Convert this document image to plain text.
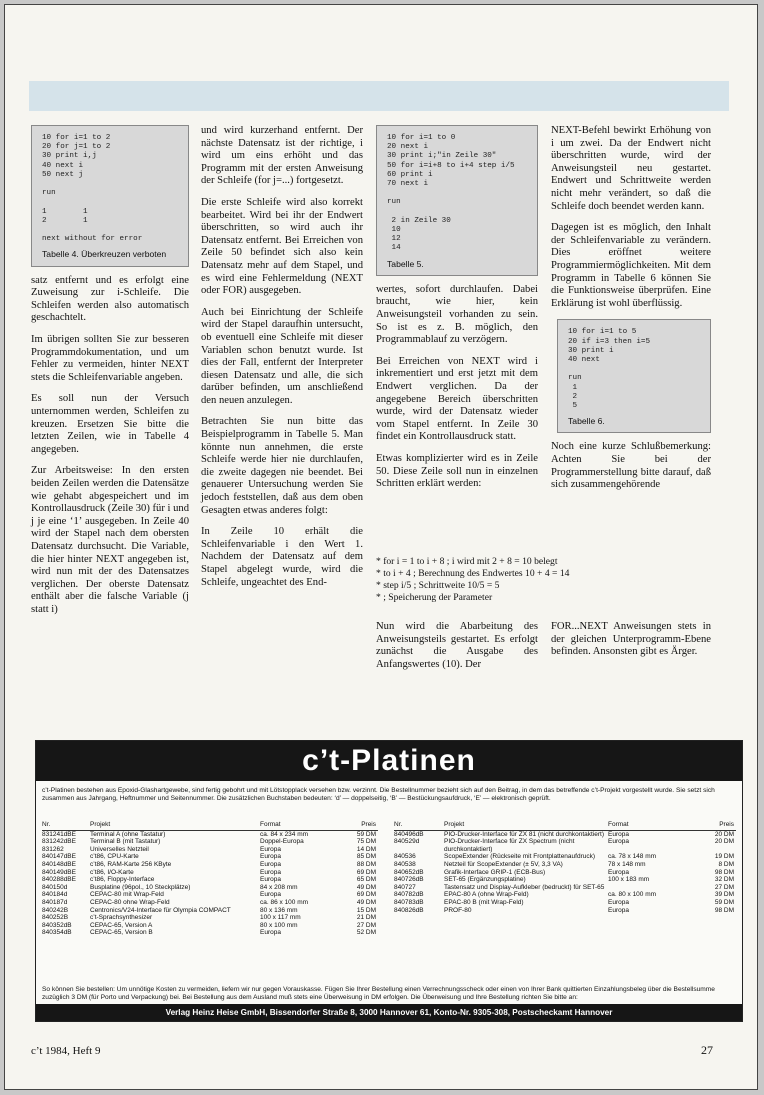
10 for i=1 to 2
20 for j=1 to 2
30 print i,j
40 next i
50 next j

run

1        1
2        1

next without for error
Tabelle 4. Überkreuzen verboten

satz entfernt und es erfolgt eine Zuweisung zur i-Schleife. Die Schleifen werden also automatisch geschachtelt.

Im übrigen sollten Sie zur besseren Programmdokumentation, und um Fehler zu vermeiden, hinter NEXT stets die Schleifenvariable angeben.

Es soll nun der Versuch unternommen werden, Schleifen zu kreuzen. Ersetzen Sie bitte die letzten Zeilen, wie in Tabelle 4 angegeben.

Zur Arbeitsweise: In den ersten beiden Zeilen werden die Datensätze wie gehabt abgespeichert und im Kontrollausdruck (Zeile 30) für i und j je eine ‘1’ ausgegeben. In Zeile 40 wird der Stapel nach dem obersten Datensatz durchsucht. Die Variable, die hier hinter NEXT angegeben ist, wird nun mit der des Datensatzes verglichen. Der oberste Datensatz enthält aber die falsche Variable (j statt i)

und wird kurzerhand entfernt. Der nächste Datensatz ist der richtige, i wird um eins erhöht und das Programm mit der ersten Anweisung der Schleife (for j=...) fortgesetzt.

Die erste Schleife wird also korrekt bearbeitet. Wird bei ihr der Endwert überschritten, so wird auch ihr Datensatz entfernt. Bei Erreichen von Zeile 50 befindet sich also kein Datensatz mehr auf dem Stapel, und es wird eine Fehlermeldung (NEXT oder FOR) ausgegeben.

Auch bei Einrichtung der Schleife wird der Stapel daraufhin untersucht, ob eventuell eine Schleife mit dieser Variablen schon benutzt wurde. Ist dies der Fall, entfernt der Interpreter diesen Datensatz und alle, die sich darüber befinden, um anschließend den neuen anzulegen.

Betrachten Sie nun bitte das Beispielprogramm in Tabelle 5. Man könnte nun annehmen, die erste Schleife werde hier nie durchlaufen, die zweite dagegen nie beendet. Bei genauerer Untersuchung werden Sie jedoch feststellen, daß aus dem oben Gesagten etwas anderes folgt:

In Zeile 10 erhält die Schleifenvariable i den Wert 1. Nachdem der Datensatz auf dem Stapel abgelegt wurde, wird die Schleife, ungeachtet des End-

10 for i=1 to 0
20 next i
30 print i;"in Zeile 30"
50 for i=i+8 to i+4 step i/5
60 print i
70 next i

run

2 in Zeile 30
10
12
14
Tabelle 5.

wertes, sofort durchlaufen. Dabei braucht, wie hier, kein Anweisungsteil vorhanden zu sein. So ist es z. B. möglich, den Programmablauf zu verzögern.

Bei Erreichen von NEXT wird i inkrementiert und erst jetzt mit dem Endwert verglichen. Da der angegebene Bereich überschritten wurde, wird der Datensatz wieder vom Stapel entfernt. In Zeile 30 findet ein Kontrollausdruck statt.

Etwas komplizierter wird es in Zeile 50. Diese Zeile soll nun in einzelnen Schritten erklärt werden:

* for i = 1 to i + 8 ; i wird mit 2 + 8 = 10 belegt
* to i + 4 ; Berechnung des Endwertes 10 + 4 = 14
* step i/5 ; Schrittweite 10/5 = 5
* ; Speicherung der Parameter

Nun wird die Abarbeitung des Anweisungsteils gestartet. Es erfolgt zunächst die Ausgabe des Anfangswertes (10). Der

NEXT-Befehl bewirkt Erhöhung von i um zwei. Da der Endwert nicht überschritten wurde, wird der Anweisungsteil neu gestartet. Endwert und Schrittweite werden nicht mehr verändert, so daß die Schleife doch beendet werden kann.

Dagegen ist es möglich, den Inhalt der Schleifenvariable zu verändern. Dies eröffnet weitere Programmiermöglichkeiten. Mit dem Programm in Tabelle 6 können Sie die Funktionsweise überprüfen. Eine Erklärung ist wohl überflüssig.

10 for i=1 to 5
20 if i=3 then i=5
30 print i
40 next

run
1
2
5
Tabelle 6.

Noch eine kurze Schlußbemerkung: Achten Sie bei der Programmerstellung bitte darauf, daß sich zusammengehörende

FOR...NEXT Anweisungen stets in der gleichen Unterprogramm-Ebene befinden. Ansonsten gibt es Ärger.

c’t-Platinen
c’t-Platinen bestehen aus Epoxid-Glashartgewebe, sind fertig gebohrt und mit Lötstopplack versehen bzw. verzinnt. Die Bestellnummer bezieht sich auf den Beitrag, in dem das betreffende c’t-Projekt vorgestellt wurde. Sie setzt sich zusammen aus Jahrgang, Heftnummer und Seitennummer. Die zusätzlichen Buchstaben bedeuten: ‘d’ — doppelseitig, ‘B’ — Bestückungsaufdruck, ‘E’ — elektronisch geprüft.
Nr.	Projekt	Format	Preis
831241dBE	Terminal A (ohne Tastatur)	ca. 84 x 234 mm	59 DM
831242dBE	Terminal B (mit Tastatur)	Doppel-Europa	75 DM
831262	Universelles Netzteil	Europa	14 DM
840147dBE	c’t86, CPU-Karte	Europa	85 DM
840148dBE	c’t86, RAM-Karte 256 KByte	Europa	88 DM
840149dBE	c’t86, I/O-Karte	Europa	69 DM
840288dBE	c’t86, Floppy-Interface	Europa	65 DM
840150d	Busplatine (96pol., 10 Steckplätze)	84 x 208 mm	49 DM
840184d	CEPAC-80 mit Wrap-Feld	Europa	69 DM
840187d	CEPAC-80 ohne Wrap-Feld	ca. 86 x 100 mm	49 DM
840242B	Centronics/V24-Interface für Olympia COMPACT	80 x 136 mm	15 DM
840252B	c’t-Sprachsynthesizer	100 x 117 mm	21 DM
840352dB	CEPAC-65, Version A	80 x 100 mm	27 DM
840354dB	CEPAC-65, Version B	Europa	52 DM
Nr.	Projekt	Format	Preis
840496dB	PIO-Drucker-Interface für ZX 81 (nicht durchkontaktiert)	Europa	20 DM
840529d	PIO-Drucker-Interface für ZX Spectrum (nicht durchkontaktiert)	Europa	20 DM
840536	ScopeExtender (Rückseite mit Frontplattenaufdruck)	ca. 78 x 148 mm	19 DM
840538	Netzteil für ScopeExtender (± 5V, 3,3 VA)	78 x 148 mm	8 DM
840652dB	Grafik-Interface GRIP-1 (ECB-Bus)	Europa	98 DM
840726dB	SET-65 (Ergänzungsplatine)	100 x 183 mm	32 DM
840727	Tastensatz und Display-Aufkleber (bedruckt) für SET-65		27 DM
840782dB	EPAC-80 A (ohne Wrap-Feld)	ca. 80 x 100 mm	39 DM
840783dB	EPAC-80 B (mit Wrap-Feld)	Europa	59 DM
840826dB	PROF-80	Europa	98 DM
So können Sie bestellen: Um unnötige Kosten zu vermeiden, liefern wir nur gegen Vorauskasse. Fügen Sie Ihrer Bestellung einen Verrechnungsscheck oder einen von Ihrer Bank quittierten Einzahlungsbeleg über die Bestellsumme zuzüglich 3 DM (für Porto und Verpackung) bei. Bei Bestellung aus dem Ausland muß stets eine Überweisung in DM erfolgen. Die Überweisung und Ihre Bestellung richten Sie bitte an:
Verlag Heinz Heise GmbH, Bissendorfer Straße 8, 3000 Hannover 61, Konto-Nr. 9305-308, Postscheckamt Hannover
c’t 1984, Heft 9	27
